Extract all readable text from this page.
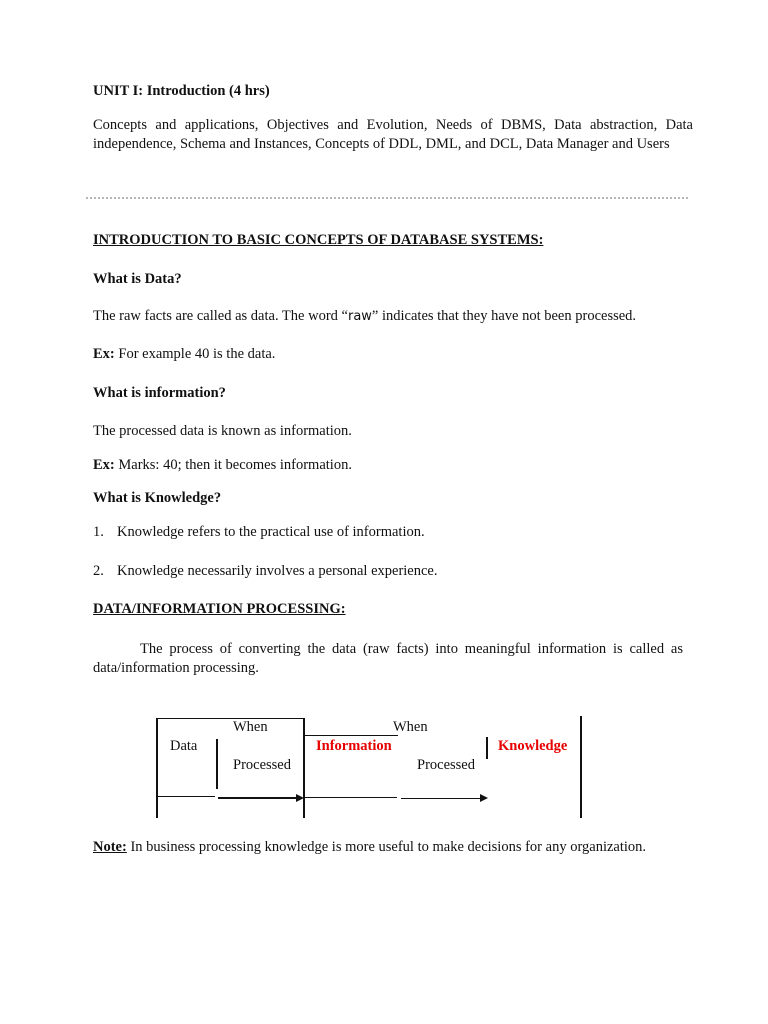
UNIT I: Introduction (4 hrs)
Concepts and applications, Objectives and Evolution, Needs of DBMS, Data abstraction, Data independence, Schema and Instances, Concepts of DDL, DML, and DCL, Data Manager and Users
INTRODUCTION TO BASIC CONCEPTS OF DATABASE SYSTEMS:
What is Data?
The raw facts are called as data. The word “raw” indicates that they have not been processed.
Ex: For example 40 is the data.
What is information?
The processed data is known as information.
Ex: Marks: 40; then it becomes information.
What is Knowledge?
1. Knowledge refers to the practical use of information.
2. Knowledge necessarily involves a personal experience.
DATA/INFORMATION PROCESSING:
The process of converting the data (raw facts) into meaningful information is called as data/information processing.
Data
When
Processed
Information
When
Processed
Knowledge
Note: In business processing knowledge is more useful to make decisions for any organization.
